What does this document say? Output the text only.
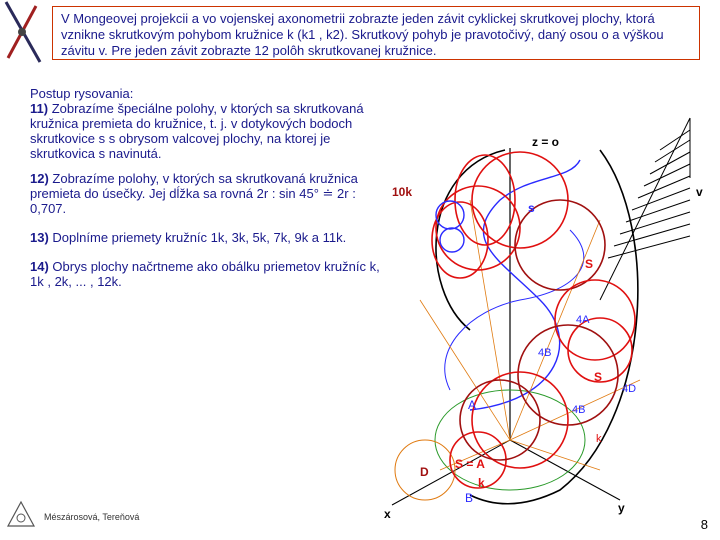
V Mongeovej projekcii a vo vojenskej axonometrii zobrazte jeden závit cyklickej skrutkovej plochy, ktorá vznikne skrutkovým pohybom kružnice k (k1 , k2). Skrutkový pohyb je pravotočivý, daný osou o a výškou závitu v. Pre jeden závit zobrazte 12 polôh skrutkovanej kružnice.

Postup rysovania:
11) Zobrazíme špeciálne polohy, v ktorých sa skrutkovaná kružnica premieta do kružnice, t. j. v dotykových bodoch skrutkovice s s obrysom valcovej plochy, na ktorej je skrutkovica s navinutá.

12) Zobrazíme polohy, v ktorých sa skrutkovaná kružnica premieta do úsečky. Jej dĺžka sa rovná 2r : sin 45° ≐ 2r : 0,707.

13) Doplníme priemety kružníc 1k, 3k, 5k, 7k, 9k a 11k.

14) Obrys plochy načrtneme ako obálku priemetov kružníc k, 1k , 2k, ... , 12k.

z = o
v
10k
s
S
4A
4B
S
4D
A	4B
k
D
S = A
k
B
x	y
Mészárosová, Tereňová	8
